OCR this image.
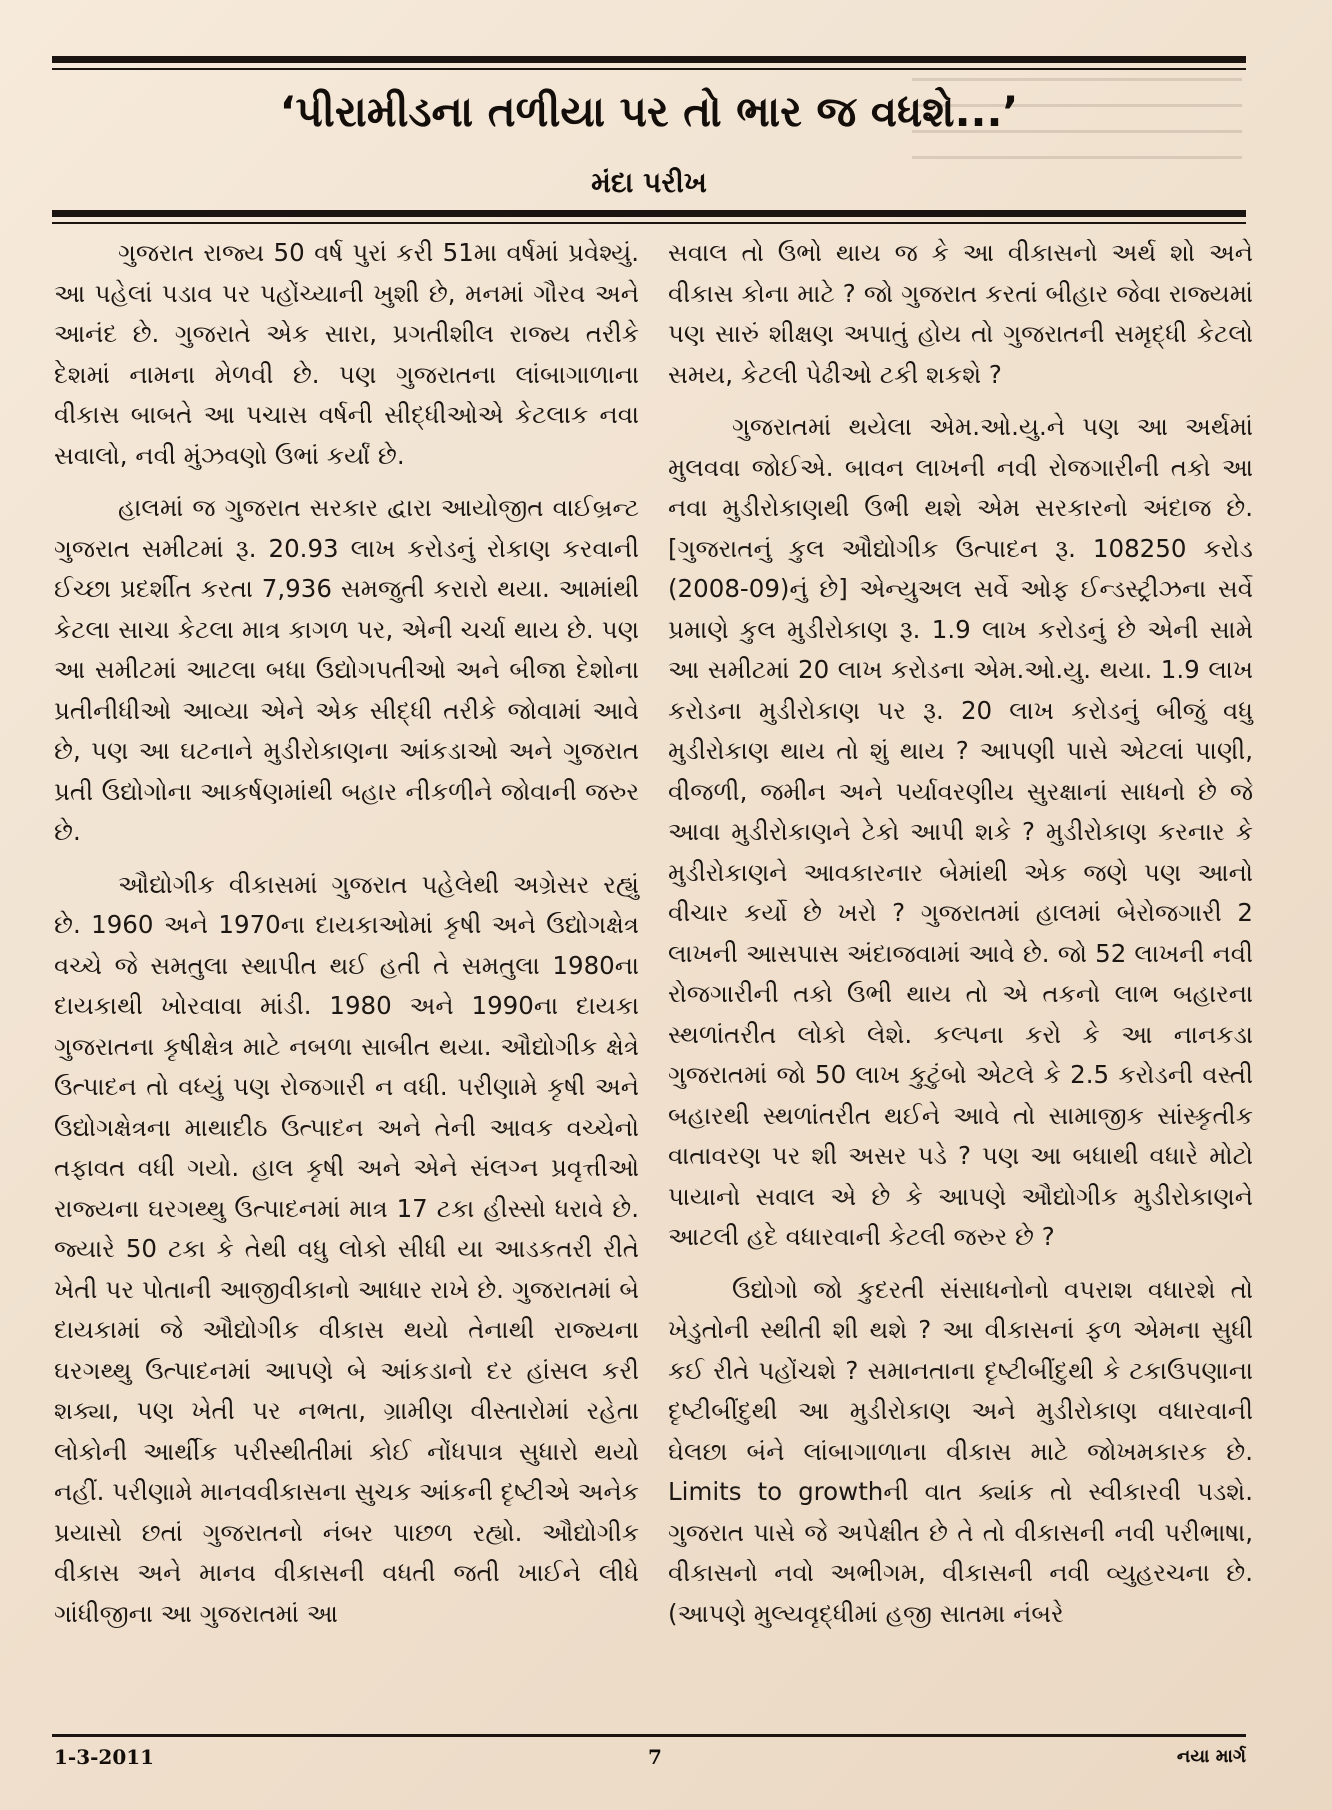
‘પીરામીડના તળીયા પર તો ભાર જ વધશે...’
મંદા પરીખ

ગુજરાત રાજ્ય 50 વર્ષ પુરાં કરી 51મા વર્ષમાં પ્રવેશ્યું. આ પહેલાં પડાવ પર પહોંચ્યાની ખુશી છે, મનમાં ગૌરવ અને આનંદ છે. ગુજરાતે એક સારા, પ્રગતીશીલ રાજ્ય તરીકે દેશમાં નામના મેળવી છે. પણ ગુજરાતના લાંબાગાળાના વીકાસ બાબતે આ પચાસ વર્ષની સીદ્ધીઓએ કેટલાક નવા સવાલો, નવી મુંઝવણો ઉભાં કર્યાં છે.

હાલમાં જ ગુજરાત સરકાર દ્વારા આયોજીત વાઈબ્રન્ટ ગુજરાત સમીટમાં રૂ. 20.93 લાખ કરોડનું રોકાણ કરવાની ઈચ્છા પ્રદર્શીત કરતા 7,936 સમજુતી કરારો થયા. આમાંથી કેટલા સાચા કેટલા માત્ર કાગળ પર, એની ચર્ચા થાય છે. પણ આ સમીટમાં આટલા બધા ઉદ્યોગપતીઓ અને બીજા દેશોના પ્રતીનીધીઓ આવ્યા એને એક સીદ્ધી તરીકે જોવામાં આવે છે, પણ આ ઘટનાને મુડીરોકાણના આંકડાઓ અને ગુજરાત પ્રતી ઉદ્યોગોના આકર્ષણમાંથી બહાર નીકળીને જોવાની જરુર છે.

ઔદ્યોગીક વીકાસમાં ગુજરાત પહેલેથી અગ્રેસર રહ્યું છે. 1960 અને 1970ના દાયકાઓમાં કૃષી અને ઉદ્યોગક્ષેત્ર વચ્ચે જે સમતુલા સ્થાપીત થઈ હતી તે સમતુલા 1980ના દાયકાથી ખોરવાવા માંડી. 1980 અને 1990ના દાયકા ગુજરાતના કૃષીક્ષેત્ર માટે નબળા સાબીત થયા. ઔદ્યોગીક ક્ષેત્રે ઉત્પાદન તો વધ્યું પણ રોજગારી ન વધી. પરીણામે કૃષી અને ઉદ્યોગક્ષેત્રના માથાદીઠ ઉત્પાદન અને તેની આવક વચ્ચેનો તફાવત વધી ગયો. હાલ કૃષી અને એને સંલગ્ન પ્રવૃત્તીઓ રાજ્યના ઘરગથ્થુ ઉત્પાદનમાં માત્ર 17 ટકા હીસ્સો ધરાવે છે. જ્યારે 50 ટકા કે તેથી વધુ લોકો સીધી યા આડકતરી રીતે ખેતી પર પોતાની આજીવીકાનો આધાર રાખે છે. ગુજરાતમાં બે દાયકામાં જે ઔદ્યોગીક વીકાસ થયો તેનાથી રાજ્યના ઘરગથ્થુ ઉત્પાદનમાં આપણે બે આંકડાનો દર હાંસલ કરી શક્યા, પણ ખેતી પર નભતા, ગ્રામીણ વીસ્તારોમાં રહેતા લોકોની આર્થીક પરીસ્થીતીમાં કોઈ નોંધપાત્ર સુધારો થયો નહીં. પરીણામે માનવવીકાસના સુચક આંકની દૃષ્ટીએ અનેક પ્રયાસો છતાં ગુજરાતનો નંબર પાછળ રહ્યો. ઔદ્યોગીક વીકાસ અને માનવ વીકાસની વધતી જતી ખાઈને લીધે ગાંધીજીના આ ગુજરાતમાં આ

સવાલ તો ઉભો થાય જ કે આ વીકાસનો અર્થ શો અને વીકાસ કોના માટે ? જો ગુજરાત કરતાં બીહાર જેવા રાજ્યમાં પણ સારું શીક્ષણ અપાતું હોય તો ગુજરાતની સમૃદ્ધી કેટલો સમય, કેટલી પેઢીઓ ટકી શકશે ?

ગુજરાતમાં થયેલા એમ.ઓ.યુ.ને પણ આ અર્થમાં મુલવવા જોઈએ. બાવન લાખની નવી રોજગારીની તકો આ નવા મુડીરોકાણથી ઉભી થશે એમ સરકારનો અંદાજ છે. [ગુજરાતનું કુલ ઔદ્યોગીક ઉત્પાદન રૂ. 108250 કરોડ (2008-09)નું છે] એન્યુઅલ સર્વે ઓફ ઈન્ડસ્ટ્રીઝના સર્વે પ્રમાણે કુલ મુડીરોકાણ રૂ. 1.9 લાખ કરોડનું છે એની સામે આ સમીટમાં 20 લાખ કરોડના એમ.ઓ.યુ. થયા. 1.9 લાખ કરોડના મુડીરોકાણ પર રૂ. 20 લાખ કરોડનું બીજું વધુ મુડીરોકાણ થાય તો શું થાય ? આપણી પાસે એટલાં પાણી, વીજળી, જમીન અને પર્યાવરણીય સુરક્ષાનાં સાધનો છે જે આવા મુડીરોકાણને ટેકો આપી શકે ? મુડીરોકાણ કરનાર કે મુડીરોકાણને આવકારનાર બેમાંથી એક જણે પણ આનો વીચાર કર્યો છે ખરો ? ગુજરાતમાં હાલમાં બેરોજગારી 2 લાખની આસપાસ અંદાજવામાં આવે છે. જો 52 લાખની નવી રોજગારીની તકો ઉભી થાય તો એ તકનો લાભ બહારના સ્થળાંતરીત લોકો લેશે. કલ્પના કરો કે આ નાનકડા ગુજરાતમાં જો 50 લાખ કુટુંબો એટલે કે 2.5 કરોડની વસ્તી બહારથી સ્થળાંતરીત થઈને આવે તો સામાજીક સાંસ્કૃતીક વાતાવરણ પર શી અસર પડે ? પણ આ બધાથી વધારે મોટો પાયાનો સવાલ એ છે કે આપણે ઔદ્યોગીક મુડીરોકાણને આટલી હદે વધારવાની કેટલી જરુર છે ?

ઉદ્યોગો જો કુદરતી સંસાધનોનો વપરાશ વધારશે તો ખેડુતોની સ્થીતી શી થશે ? આ વીકાસનાં ફળ એમના સુધી કઈ રીતે પહોંચશે ? સમાનતાના દૃષ્ટીબીંદુથી કે ટકાઉપણાના દૃષ્ટીબીંદુથી આ મુડીરોકાણ અને મુડીરોકાણ વધારવાની ઘેલછા બંને લાંબાગાળાના વીકાસ માટે જોખમકારક છે. Limits to growthની વાત ક્યાંક તો સ્વીકારવી પડશે. ગુજરાત પાસે જે અપેક્ષીત છે તે તો વીકાસની નવી પરીભાષા, વીકાસનો નવો અભીગમ, વીકાસની નવી વ્યુહરચના છે. (આપણે મુલ્યવૃદ્ધીમાં હજી સાતમા નંબરે

1-3-2011	7	નયા માર્ગ
